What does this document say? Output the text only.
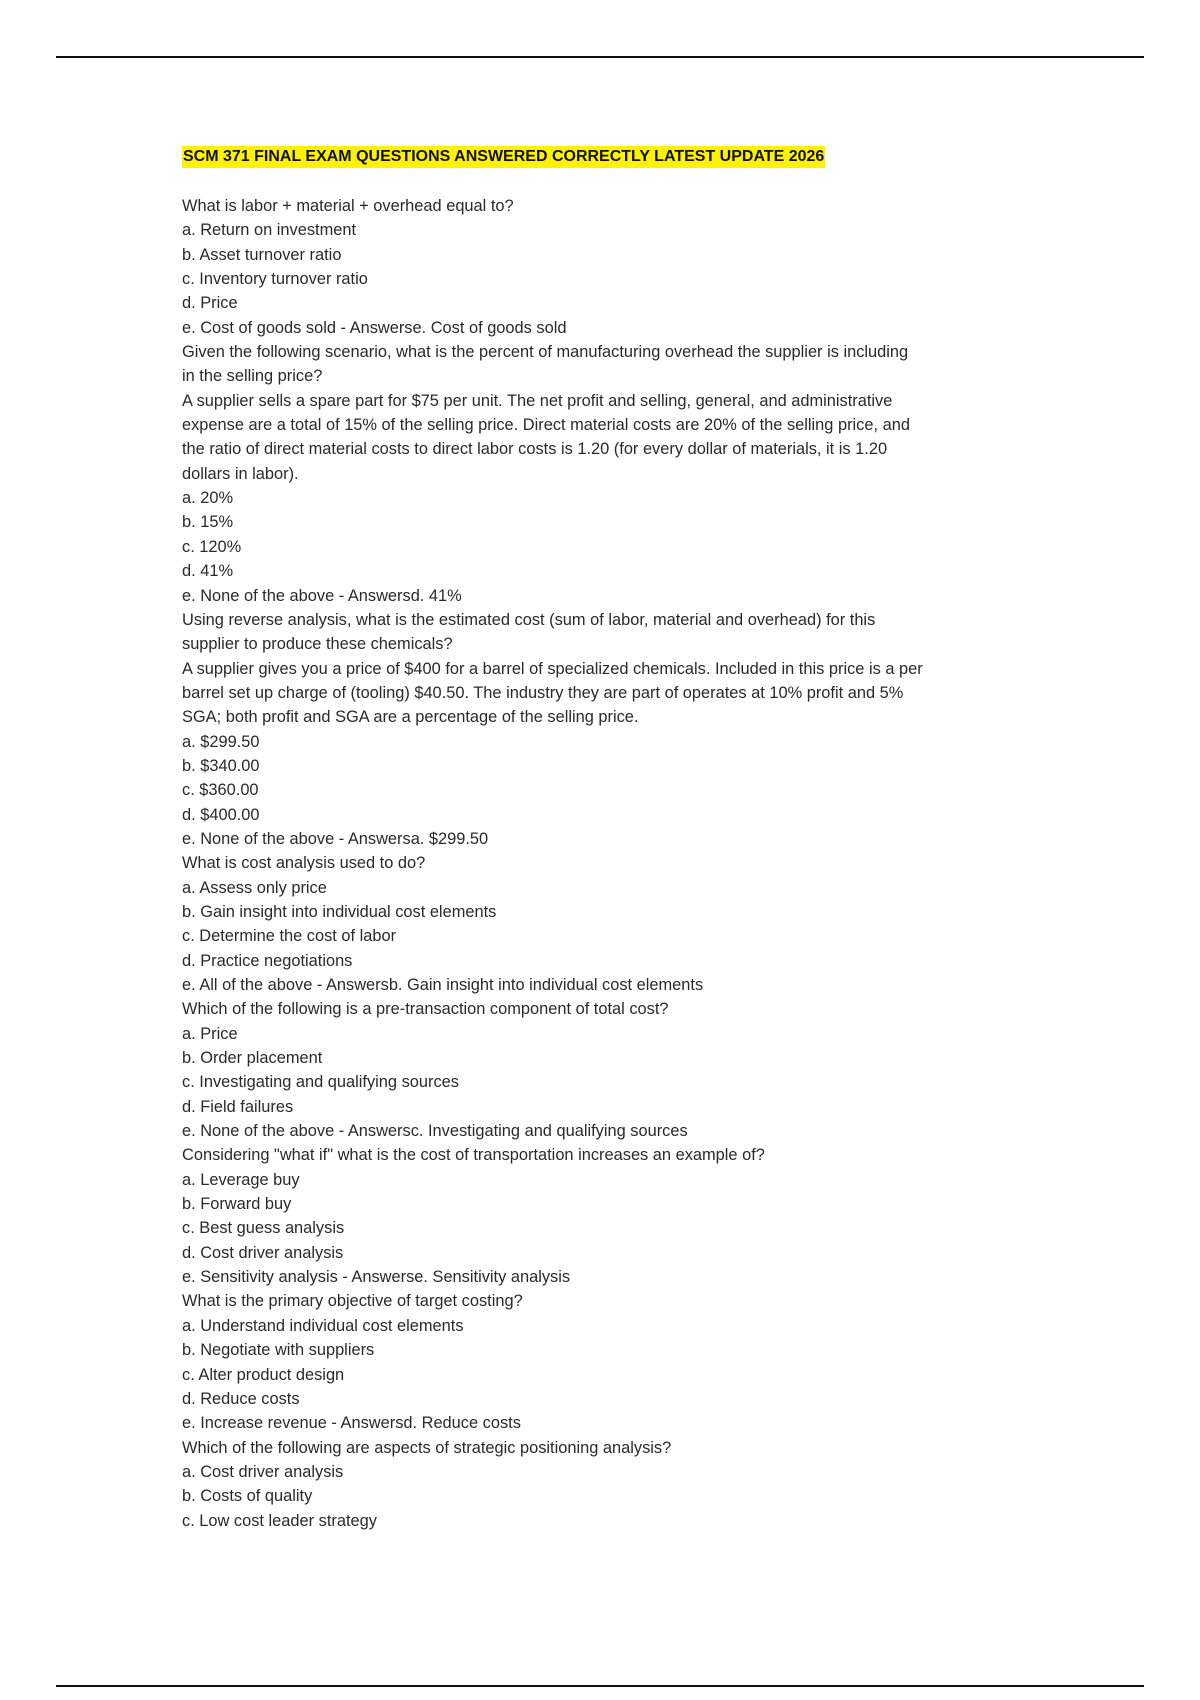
SCM 371 FINAL EXAM QUESTIONS ANSWERED CORRECTLY LATEST UPDATE 2026
What is labor + material + overhead equal to?
a. Return on investment
b. Asset turnover ratio
c. Inventory turnover ratio
d. Price
e. Cost of goods sold - Answerse. Cost of goods sold
Given the following scenario, what is the percent of manufacturing overhead the supplier is including
in the selling price?
A supplier sells a spare part for $75 per unit. The net profit and selling, general, and administrative
expense are a total of 15% of the selling price. Direct material costs are 20% of the selling price, and
the ratio of direct material costs to direct labor costs is 1.20 (for every dollar of materials, it is 1.20
dollars in labor).
a. 20%
b. 15%
c. 120%
d. 41%
e. None of the above - Answersd. 41%
Using reverse analysis, what is the estimated cost (sum of labor, material and overhead) for this
supplier to produce these chemicals?
A supplier gives you a price of $400 for a barrel of specialized chemicals. Included in this price is a per
barrel set up charge of (tooling) $40.50. The industry they are part of operates at 10% profit and 5%
SGA; both profit and SGA are a percentage of the selling price.
a. $299.50
b. $340.00
c. $360.00
d. $400.00
e. None of the above - Answersa. $299.50
What is cost analysis used to do?
a. Assess only price
b. Gain insight into individual cost elements
c. Determine the cost of labor
d. Practice negotiations
e. All of the above - Answersb. Gain insight into individual cost elements
Which of the following is a pre-transaction component of total cost?
a. Price
b. Order placement
c. Investigating and qualifying sources
d. Field failures
e. None of the above - Answersc. Investigating and qualifying sources
Considering "what if" what is the cost of transportation increases an example of?
a. Leverage buy
b. Forward buy
c. Best guess analysis
d. Cost driver analysis
e. Sensitivity analysis - Answerse. Sensitivity analysis
What is the primary objective of target costing?
a. Understand individual cost elements
b. Negotiate with suppliers
c. Alter product design
d. Reduce costs
e. Increase revenue - Answersd. Reduce costs
Which of the following are aspects of strategic positioning analysis?
a. Cost driver analysis
b. Costs of quality
c. Low cost leader strategy
